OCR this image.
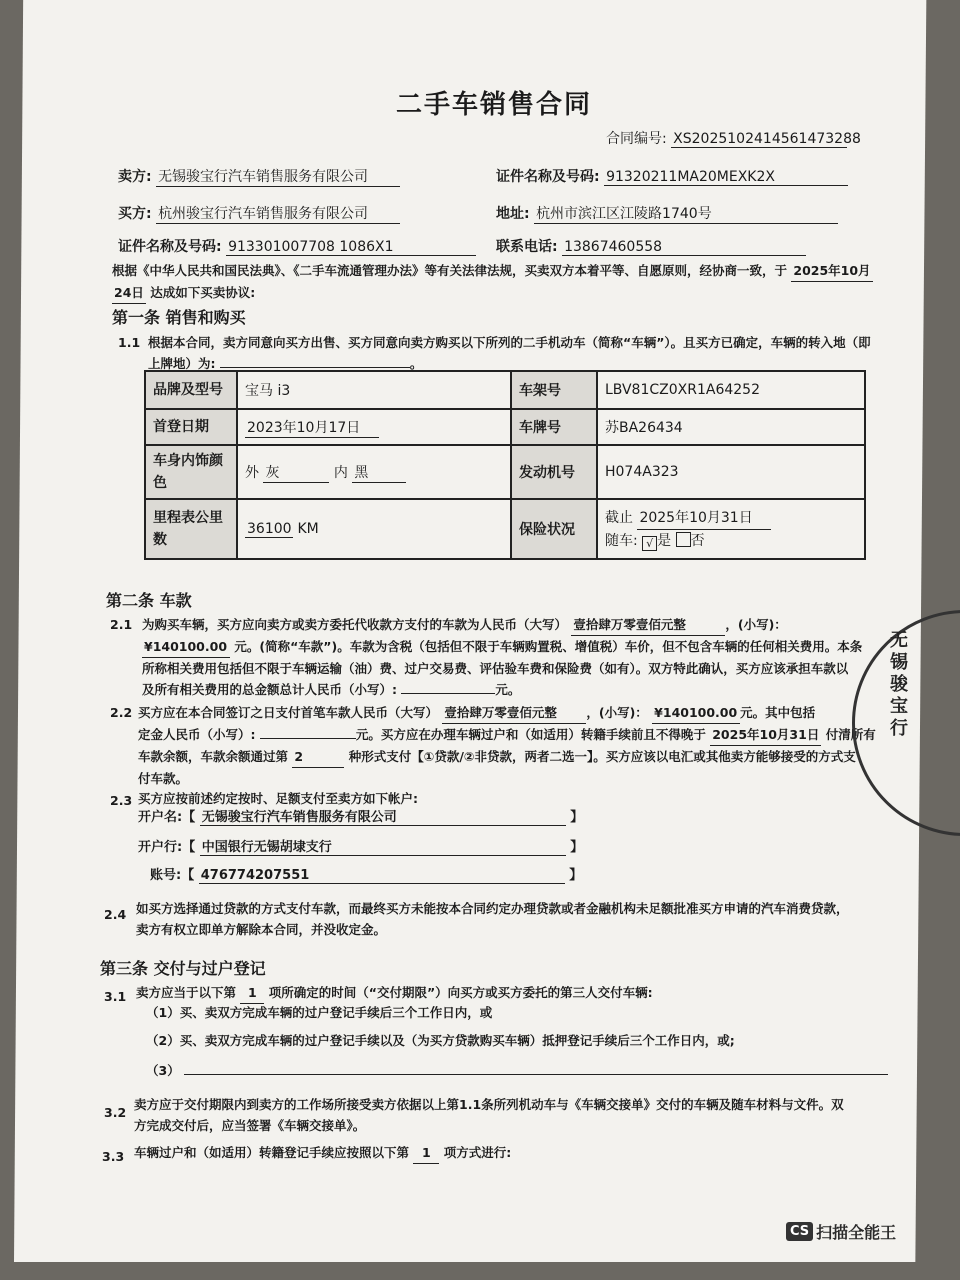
二手车销售合同
合同编号: XS2025102414561473288
卖方: 无锡骏宝行汽车销售服务有限公司	证件名称及号码: 91320211MA20MEXK2X
买方: 杭州骏宝行汽车销售服务有限公司	地址: 杭州市滨江区江陵路1740号
证件名称及号码: 913301007708 1086X1	联系电话: 13867460558
根据《中华人民共和国民法典》、《二手车流通管理办法》等有关法律法规，买卖双方本着平等、自愿原则，经协商一致，于 2025年10月
24日 达成如下买卖协议:
第一条 销售和购买
1.1 根据本合同，卖方同意向买方出售、买方同意向卖方购买以下所列的二手机动车（简称“车辆”）。且买方已确定，车辆的转入地（即
上牌地）为:	。
品牌及型号	宝马 i3	车架号	LBV81CZ0XR1A64252
首登日期	2023年10月17日	车牌号	苏BA26434
车身内饰颜色	外 灰 内 黑	发动机号	H074A323
里程表公里数	36100 KM	保险状况	截止 2025年10月31日
随车: √ 是 否
第二条 车款
2.1 为购买车辆，买方应向卖方或卖方委托代收款方支付的车款为人民币（大写） 壹拾肆万零壹佰元整	，(小写)：
¥140100.00 元。(简称“车款”)。车款为含税（包括但不限于车辆购置税、增值税）车价，但不包含车辆的任何相关费用。本条
所称相关费用包括但不限于车辆运输（油）费、过户交易费、评估验车费和保险费（如有）。双方特此确认，买方应该承担车款以
及所有相关费用的总金额总计人民币（小写）:	元。
2.2 买方应在本合同签订之日支付首笔车款人民币（大写） 壹拾肆万零壹佰元整 ，(小写)： ¥140100.00 元。其中包括
定金人民币（小写）:	元。买方应在办理车辆过户和（如适用）转籍手续前且不得晚于 2025年10月31日 付清所有
车款余额，车款余额通过第 2	种形式支付【①贷款/②非贷款，两者二选一】。买方应该以电汇或其他卖方能够接受的方式支
付车款。
2.3 买方应按前述约定按时、足额支付至卖方如下帐户:
开户名:【 无锡骏宝行汽车销售服务有限公司	】
开户行:【 中国银行无锡胡埭支行	】
账号:【 476774207551	】
2.4 如买方选择通过贷款的方式支付车款，而最终买方未能按本合同约定办理贷款或者金融机构未足额批准买方申请的汽车消费贷款，
卖方有权立即单方解除本合同，并没收定金。
第三条 交付与过户登记
3.1 卖方应当于以下第 1 项所确定的时间（“交付期限”）向买方或买方委托的第三人交付车辆:
（1）买、卖双方完成车辆的过户登记手续后三个工作日内，或
（2）买、卖双方完成车辆的过户登记手续以及（为买方贷款购买车辆）抵押登记手续后三个工作日内，或;
（3）
3.2
卖方应于交付期限内到卖方的工作场所接受卖方依据以上第1.1条所列机动车与《车辆交接单》交付的车辆及随车材料与文件。双
方完成交付后，应当签署《车辆交接单》。
3.3 车辆过户和（如适用）转籍登记手续应按照以下第 1 项方式进行:
无锡骏宝行
CS 扫描全能王
